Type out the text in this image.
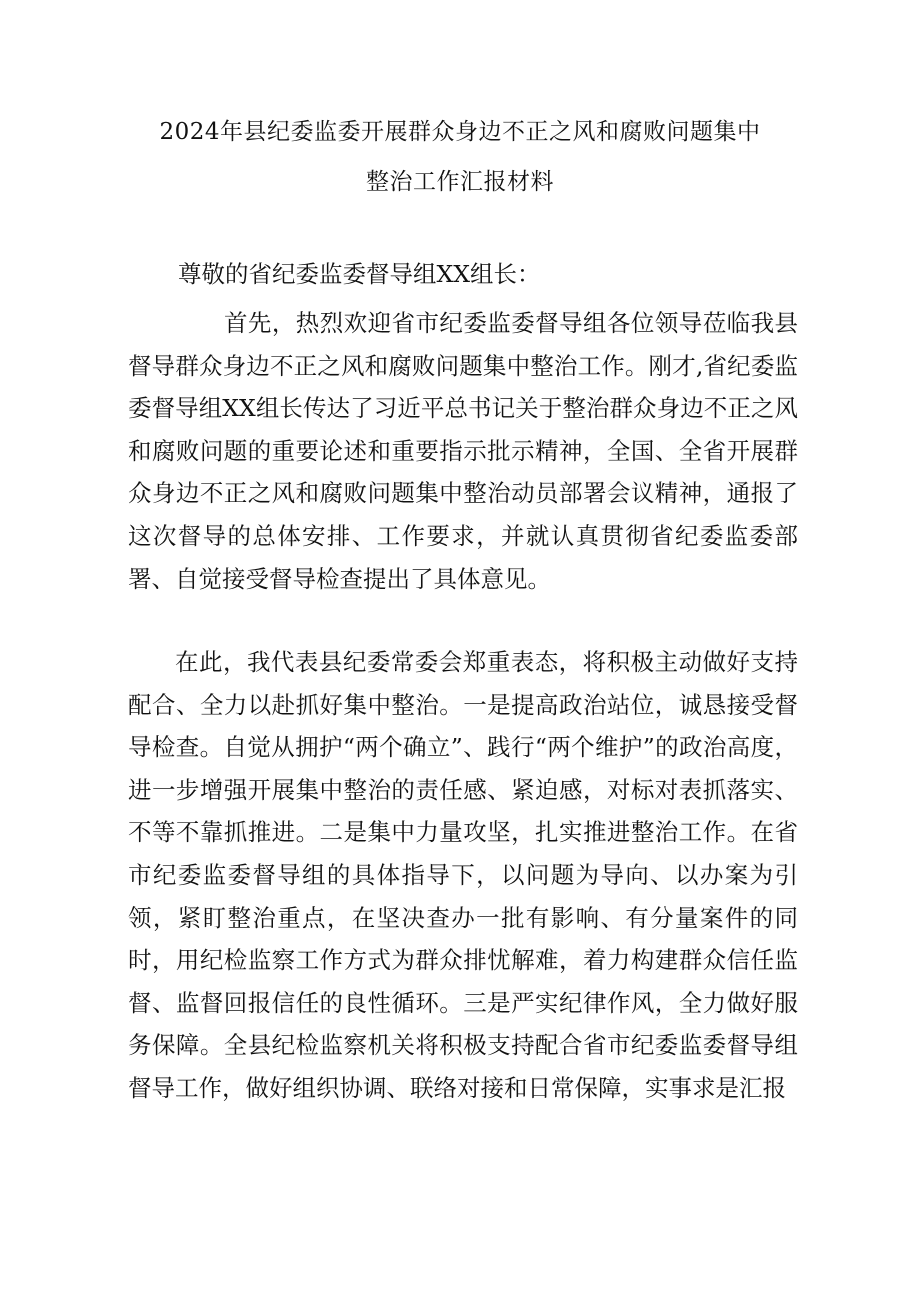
2024年县纪委监委开展群众身边不正之风和腐败问题集中
整治工作汇报材料
尊敬的省纪委监委督导组XX组长：

首先，热烈欢迎省市纪委监委督导组各位领导莅临我县督导群众身边不正之风和腐败问题集中整治工作。刚才,省纪委监委督导组XX组长传达了习近平总书记关于整治群众身边不正之风和腐败问题的重要论述和重要指示批示精神，全国、全省开展群众身边不正之风和腐败问题集中整治动员部署会议精神，通报了这次督导的总体安排、工作要求，并就认真贯彻省纪委监委部署、自觉接受督导检查提出了具体意见。

在此，我代表县纪委常委会郑重表态，将积极主动做好支持配合、全力以赴抓好集中整治。一是提高政治站位，诚恳接受督导检查。自觉从拥护“两个确立”、践行“两个维护”的政治高度，进一步增强开展集中整治的责任感、紧迫感，对标对表抓落实、不等不靠抓推进。二是集中力量攻坚，扎实推进整治工作。在省市纪委监委督导组的具体指导下，以问题为导向、以办案为引领，紧盯整治重点，在坚决查办一批有影响、有分量案件的同时，用纪检监察工作方式为群众排忧解难，着力构建群众信任监督、监督回报信任的良性循环。三是严实纪律作风，全力做好服务保障。全县纪检监察机关将积极支持配合省市纪委监委督导组督导工作，做好组织协调、联络对接和日常保障，实事求是汇报
